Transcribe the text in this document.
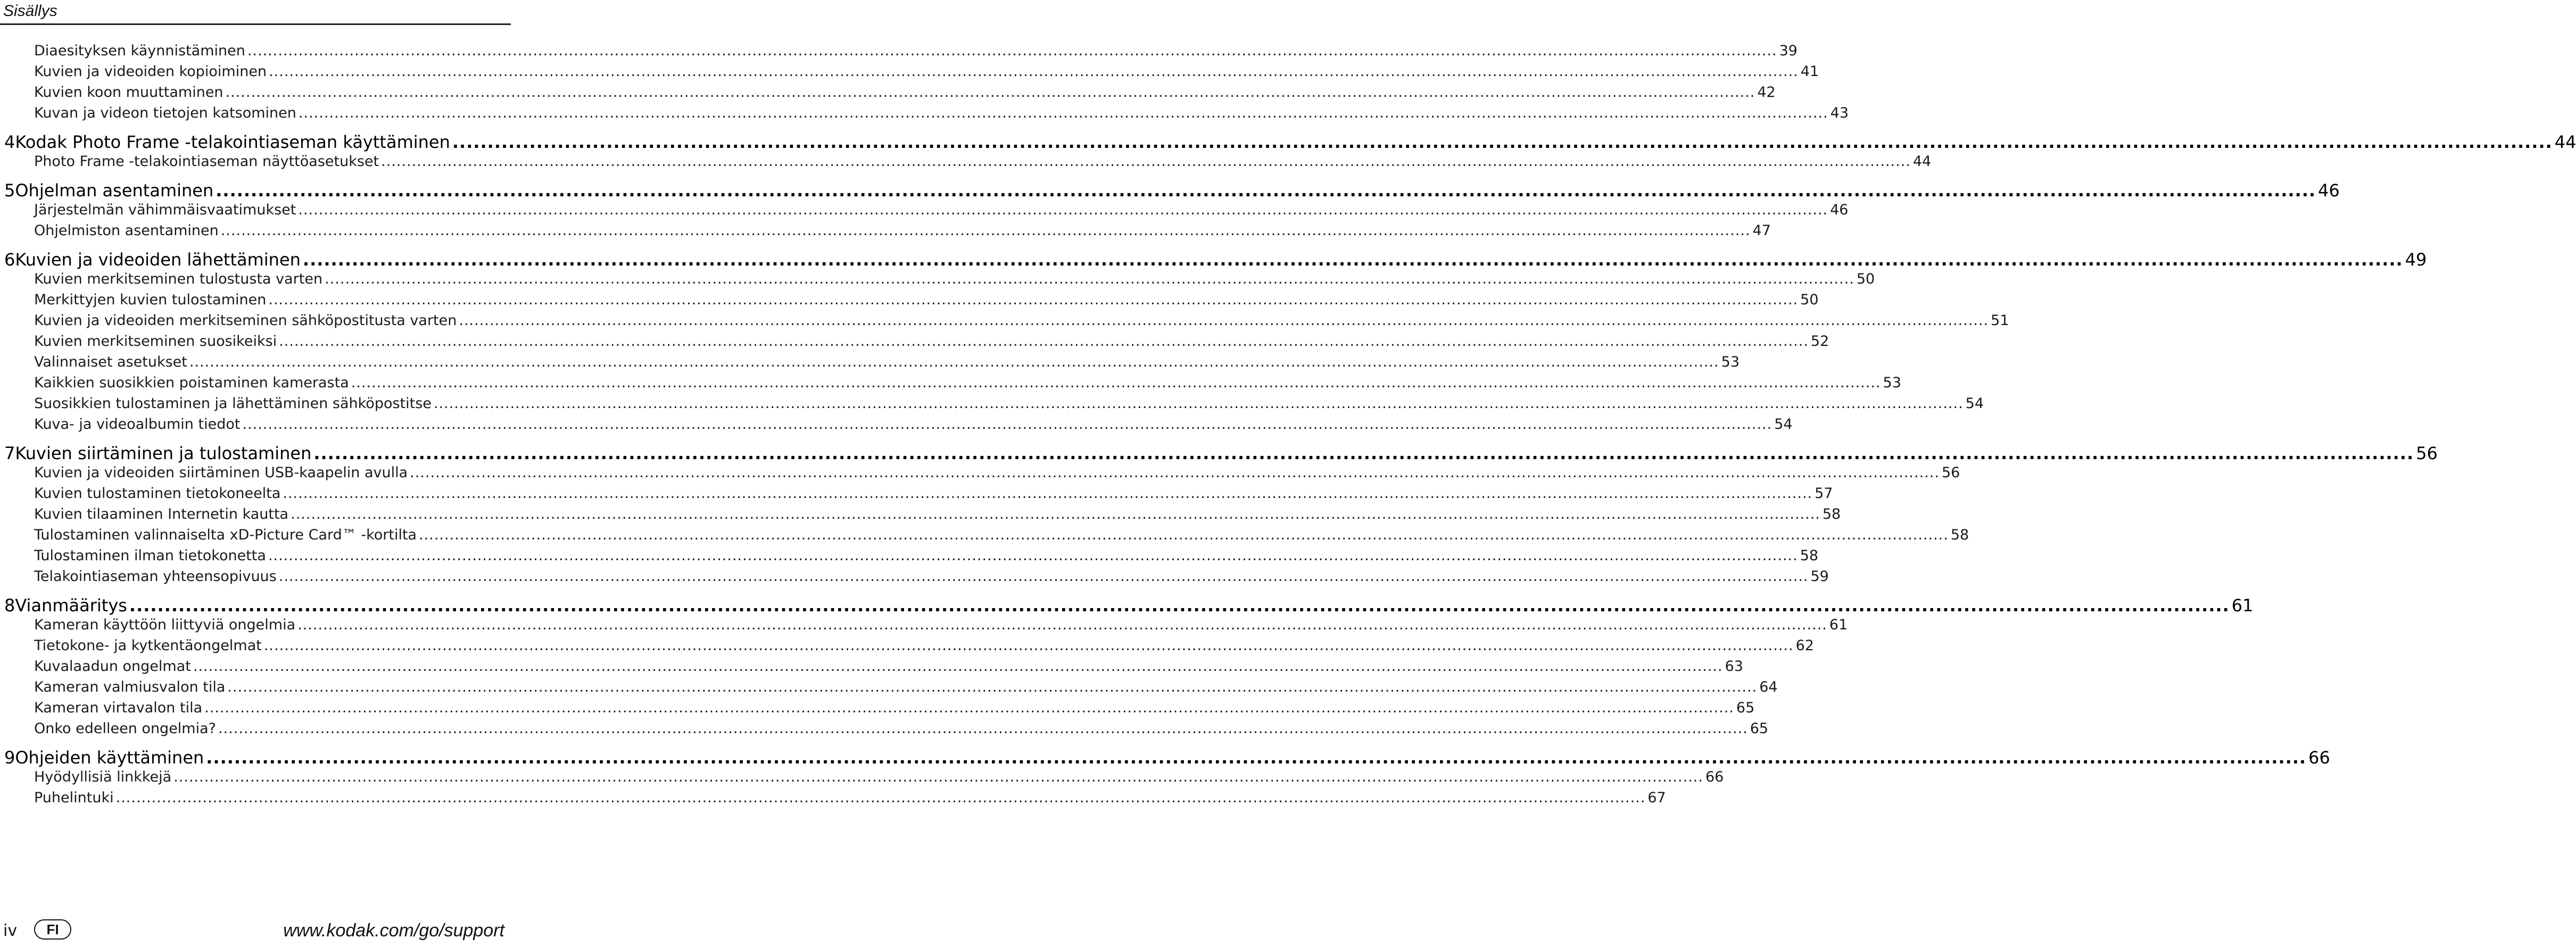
Sisällys
Diaesityksen käynnistäminen ............................................................................................................................................................................................................................................................................................................ 39
Kuvien ja videoiden kopioiminen ............................................................................................................................................................................................................................................................................................................ 41
Kuvien koon muuttaminen ............................................................................................................................................................................................................................................................................................................ 42
Kuvan ja videon tietojen katsominen ............................................................................................................................................................................................................................................................................................................ 43
4 Kodak Photo Frame -telakointiaseman käyttäminen ............................................................................................................................................................................................................................................................................................................ 44
Photo Frame -telakointiaseman näyttöasetukset ............................................................................................................................................................................................................................................................................................................ 44
5 Ohjelman asentaminen ............................................................................................................................................................................................................................................................................................................ 46
Järjestelmän vähimmäisvaatimukset ............................................................................................................................................................................................................................................................................................................ 46
Ohjelmiston asentaminen ............................................................................................................................................................................................................................................................................................................ 47
6 Kuvien ja videoiden lähettäminen ............................................................................................................................................................................................................................................................................................................ 49
Kuvien merkitseminen tulostusta varten ............................................................................................................................................................................................................................................................................................................ 50
Merkittyjen kuvien tulostaminen ............................................................................................................................................................................................................................................................................................................ 50
Kuvien ja videoiden merkitseminen sähköpostitusta varten ............................................................................................................................................................................................................................................................................................................ 51
Kuvien merkitseminen suosikeiksi ............................................................................................................................................................................................................................................................................................................ 52
Valinnaiset asetukset ............................................................................................................................................................................................................................................................................................................ 53
Kaikkien suosikkien poistaminen kamerasta ............................................................................................................................................................................................................................................................................................................ 53
Suosikkien tulostaminen ja lähettäminen sähköpostitse ............................................................................................................................................................................................................................................................................................................ 54
Kuva- ja videoalbumin tiedot ............................................................................................................................................................................................................................................................................................................ 54
7 Kuvien siirtäminen ja tulostaminen ............................................................................................................................................................................................................................................................................................................ 56
Kuvien ja videoiden siirtäminen USB-kaapelin avulla ............................................................................................................................................................................................................................................................................................................ 56
Kuvien tulostaminen tietokoneelta ............................................................................................................................................................................................................................................................................................................ 57
Kuvien tilaaminen Internetin kautta ............................................................................................................................................................................................................................................................................................................ 58
Tulostaminen valinnaiselta xD-Picture Card™ -kortilta ............................................................................................................................................................................................................................................................................................................ 58
Tulostaminen ilman tietokonetta ............................................................................................................................................................................................................................................................................................................ 58
Telakointiaseman yhteensopivuus ............................................................................................................................................................................................................................................................................................................ 59
8 Vianmääritys ............................................................................................................................................................................................................................................................................................................ 61
Kameran käyttöön liittyviä ongelmia ............................................................................................................................................................................................................................................................................................................ 61
Tietokone- ja kytkentäongelmat ............................................................................................................................................................................................................................................................................................................ 62
Kuvalaadun ongelmat ............................................................................................................................................................................................................................................................................................................ 63
Kameran valmiusvalon tila ............................................................................................................................................................................................................................................................................................................ 64
Kameran virtavalon tila ............................................................................................................................................................................................................................................................................................................ 65
Onko edelleen ongelmia? ............................................................................................................................................................................................................................................................................................................ 65
9 Ohjeiden käyttäminen ............................................................................................................................................................................................................................................................................................................ 66
Hyödyllisiä linkkejä ............................................................................................................................................................................................................................................................................................................ 66
Puhelintuki ............................................................................................................................................................................................................................................................................................................ 67
iv	FI	www.kodak.com/go/support
